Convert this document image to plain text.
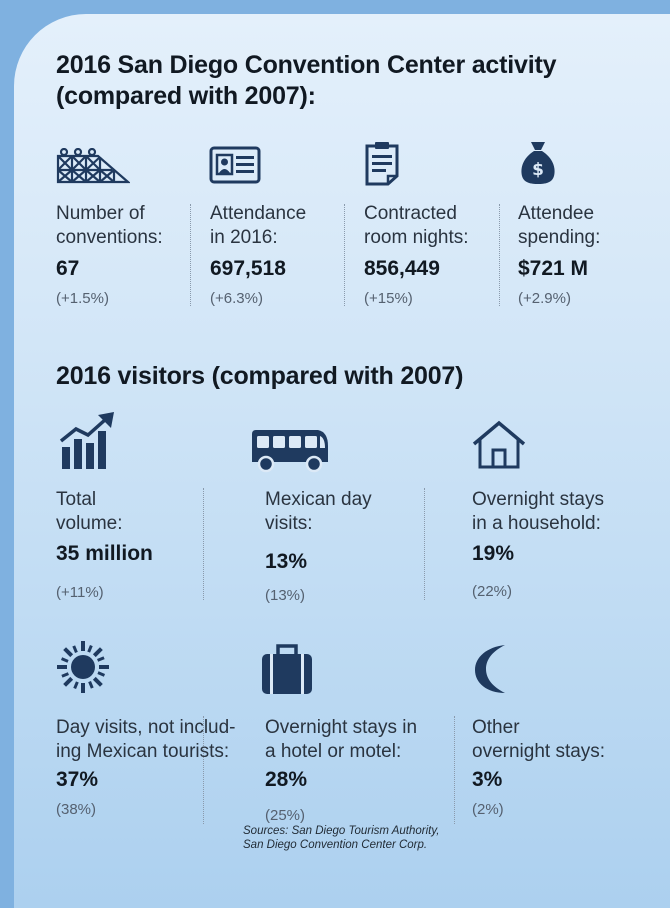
2016 San Diego Convention Center activity
(compared with 2007):
$
Number of
conventions:
67
(+1.5%)
Attendance
in 2016:
697,518
(+6.3%)
Contracted
room nights:
856,449
(+15%)
Attendee
spending:
$721 M
(+2.9%)
2016 visitors (compared with 2007)
Total
volume:
35 million
(+11%)
Mexican day
visits:
13%
(13%)
Overnight stays
in a household:
19%
(22%)
Day visits, not includ-
ing Mexican tourists:
37%
(38%)
Overnight stays in
a hotel or motel:
28%
(25%)
Other
overnight stays:
3%
(2%)
Sources: San Diego Tourism Authority,
San Diego Convention Center Corp.
